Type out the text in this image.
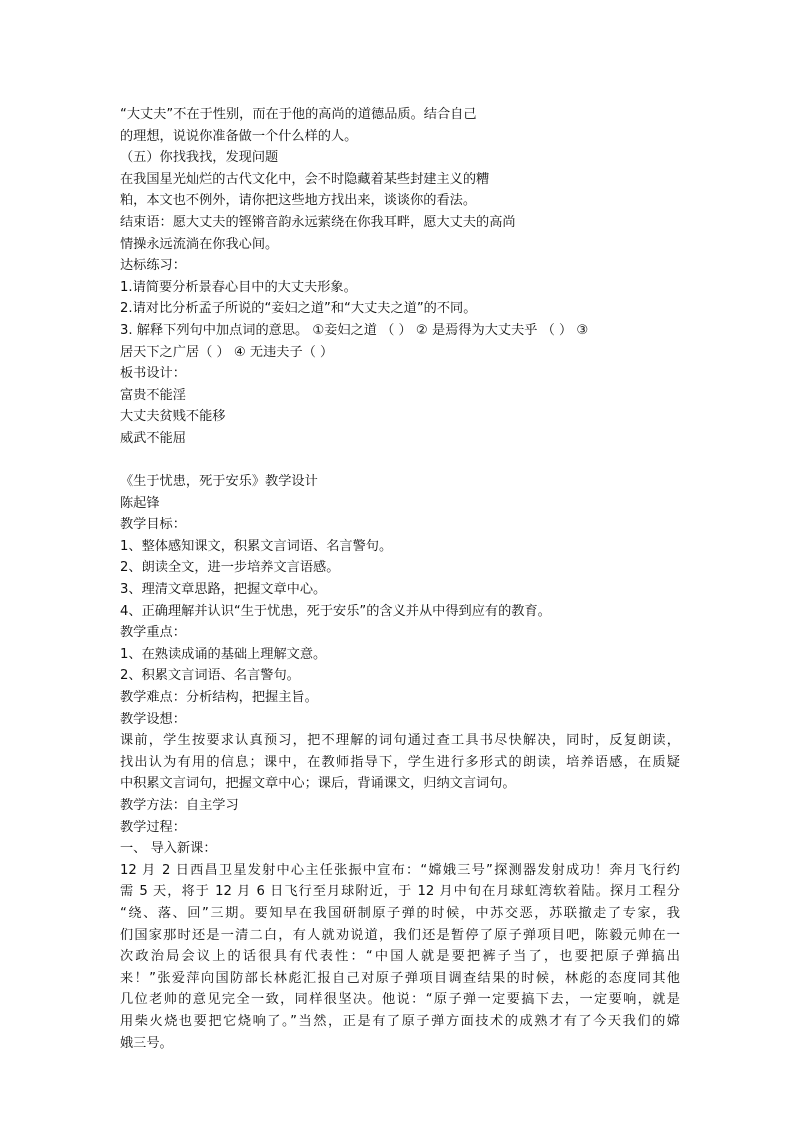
“大丈夫”不在于性别，而在于他的高尚的道德品质。结合自己

的理想，说说你准备做一个什么样的人。

（五）你找我找，发现问题

在我国星光灿烂的古代文化中，会不时隐藏着某些封建主义的糟

粕，本文也不例外，请你把这些地方找出来，谈谈你的看法。

结束语：愿大丈夫的铿锵音韵永远萦绕在你我耳畔，愿大丈夫的高尚

情操永远流淌在你我心间。

达标练习：

1.请简要分析景春心目中的大丈夫形象。

2.请对比分析孟子所说的“妾妇之道”和“大丈夫之道”的不同。

3. 解释下列句中加点词的意思。 ①妾妇之道 （ ） ② 是焉得为大丈夫乎 （ ） ③

居天下之广居（ ） ④ 无违夫子（ ）

板书设计：

富贵不能淫

大丈夫贫贱不能移

威武不能屈

《生于忧患，死于安乐》教学设计

陈起锋

教学目标：

1、整体感知课文，积累文言词语、名言警句。

2、朗读全文，进一步培养文言语感。

3、理清文章思路，把握文章中心。

4、正确理解并认识“生于忧患，死于安乐”的含义并从中得到应有的教育。

教学重点：

1、在熟读成诵的基础上理解文意。

2、积累文言词语、名言警句。

教学难点：分析结构，把握主旨。

教学设想：

课前，学生按要求认真预习，把不理解的词句通过查工具书尽快解决，同时，反复朗读，

找出认为有用的信息；课中，在教师指导下，学生进行多形式的朗读，培养语感，在质疑

中积累文言词句，把握文章中心；课后，背诵课文，归纳文言词句。

教学方法：自主学习

教学过程：

一、 导入新课：

12 月 2 日西昌卫星发射中心主任张振中宣布：“嫦娥三号”探测器发射成功！奔月飞行约

需 5 天，将于 12 月 6 日飞行至月球附近，于 12 月中旬在月球虹湾软着陆。探月工程分

“绕、落、回”三期。要知早在我国研制原子弹的时候，中苏交恶，苏联撤走了专家，我

们国家那时还是一清二白，有人就劝说道，我们还是暂停了原子弹项目吧，陈毅元帅在一

次政治局会议上的话很具有代表性：“中国人就是要把裤子当了，也要把原子弹搞出

来！”张爱萍向国防部长林彪汇报自己对原子弹项目调查结果的时候，林彪的态度同其他

几位老帅的意见完全一致，同样很坚决。他说：“原子弹一定要搞下去，一定要响，就是

用柴火烧也要把它烧响了。”当然，正是有了原子弹方面技术的成熟才有了今天我们的嫦

娥三号。
